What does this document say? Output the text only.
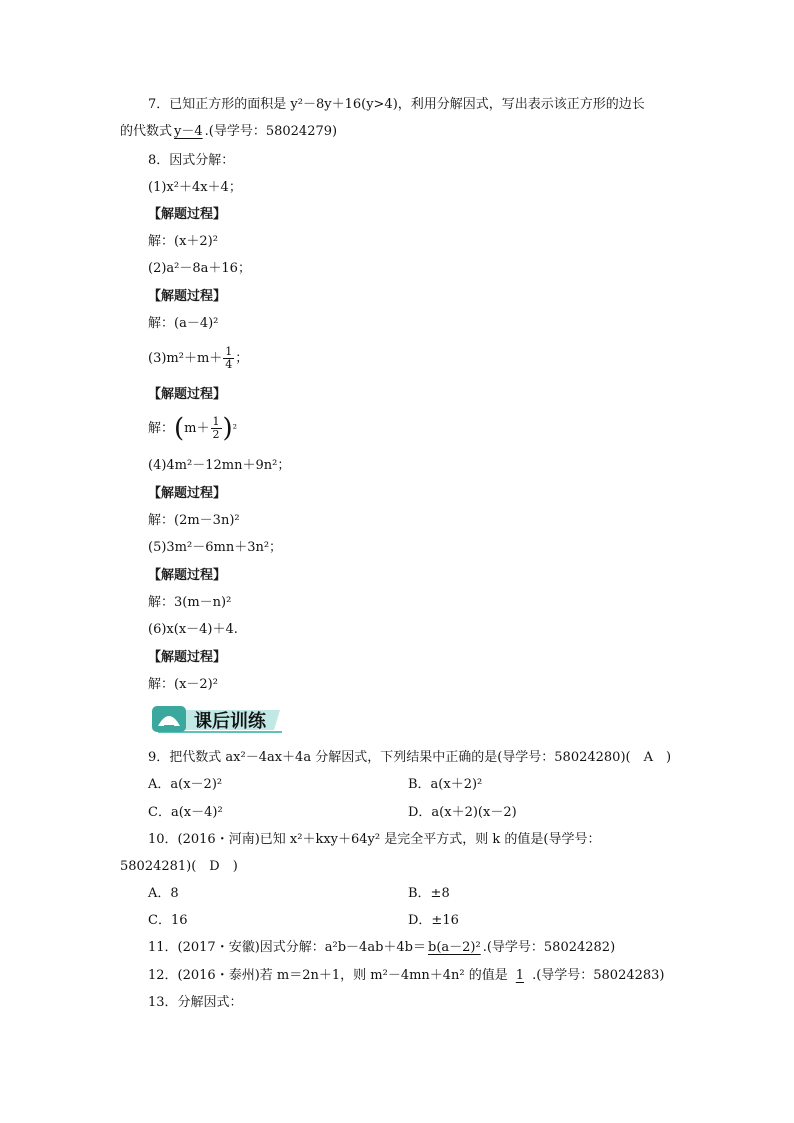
7．已知正方形的面积是 y²－8y＋16(y>4)，利用分解因式，写出表示该正方形的边长
的代数式 y－4 .(导学号：58024279)
8．因式分解：
(1)x²＋4x＋4；
【解题过程】
解：(x＋2)²
(2)a²－8a＋16；
【解题过程】
解：(a－4)²
$(3)m^2+m+ \frac{1}{4}$ ；
【解题过程】
解：$(m+ \frac{1}{2} )^{^2}$
(4)4m²－12mn＋9n²；
【解题过程】
解：(2m－3n)²
(5)3m²－6mn＋3n²；
【解题过程】
解：3(m－n)²
(6)x(x－4)＋4.
【解题过程】
解：(x－2)²
课后训练
9．把代数式 ax²－4ax＋4a 分解因式，下列结果中正确的是(导学号：58024280)(　A　)
A．a(x－2)²	B．a(x＋2)²
C．a(x－4)²	D．a(x＋2)(x－2)
10．(2016・河南)已知 x²＋kxy＋64y² 是完全平方式，则 k 的值是(导学号：
58024281)(　D　)
A．8	B．±8
C．16	D．±16
11．(2017・安徽)因式分解：a²b－4ab＋4b＝ b(a－2)² .(导学号：58024282)
12．(2016・泰州)若 m＝2n＋1，则 m²－4mn＋4n² 的值是 1 .(导学号：58024283)
13．分解因式：
